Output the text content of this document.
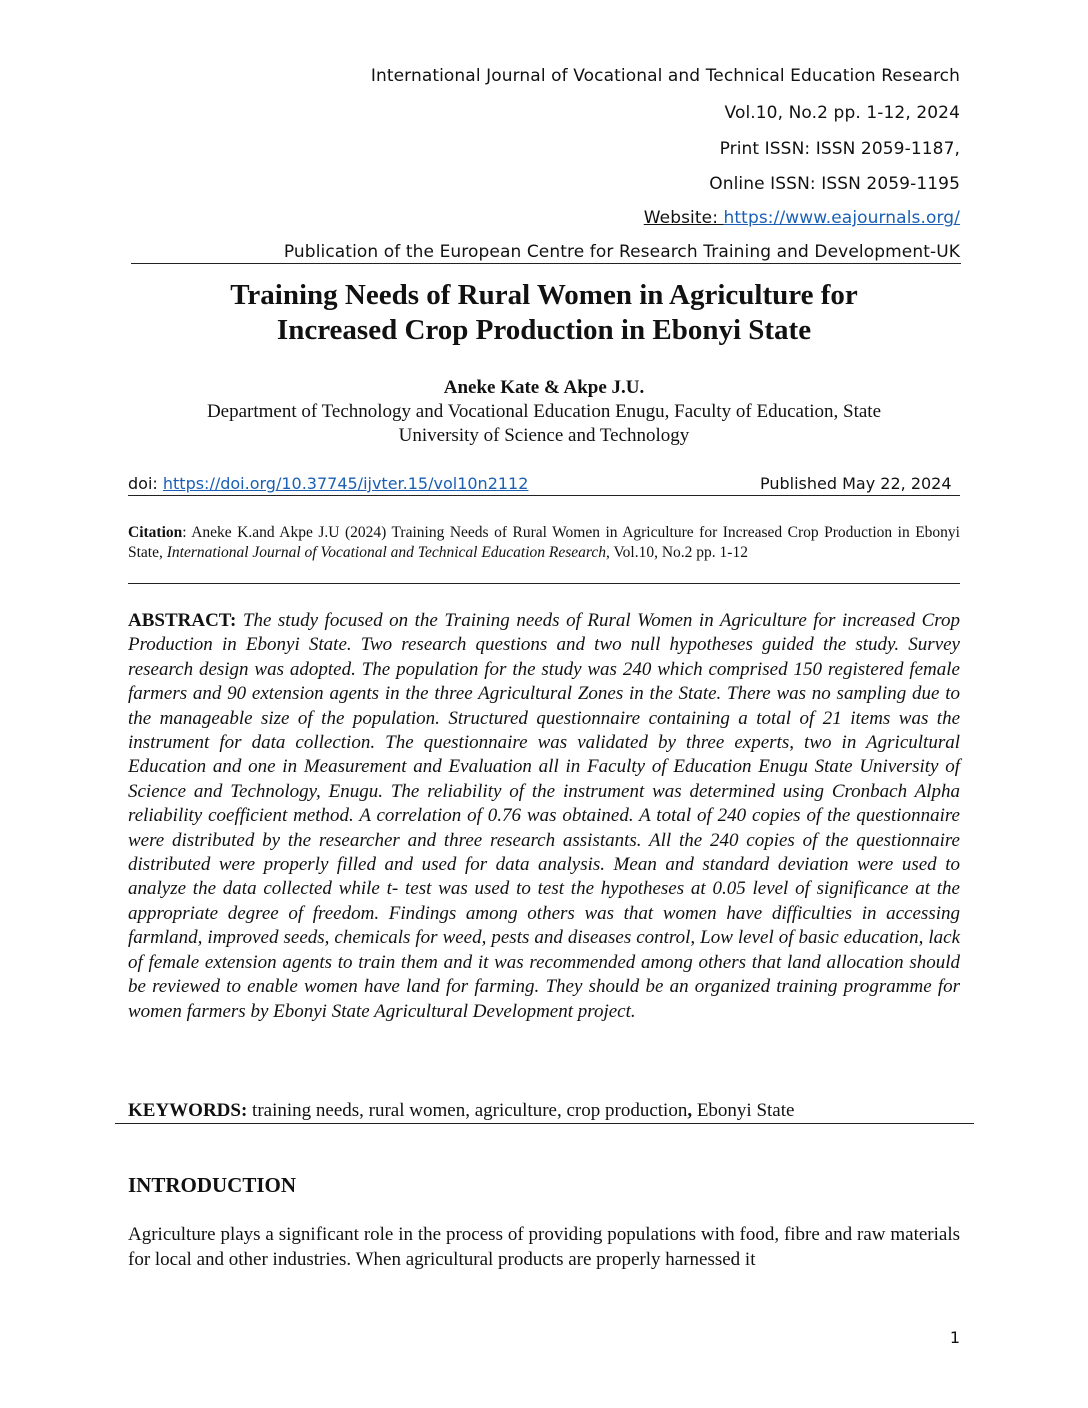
International Journal of Vocational and Technical Education Research
Vol.10, No.2 pp. 1-12, 2024
Print ISSN: ISSN 2059-1187,
Online ISSN: ISSN 2059-1195
Website: https://www.eajournals.org/
Publication of the European Centre for Research Training and Development-UK
Training Needs of Rural Women in Agriculture for
Increased Crop Production in Ebonyi State
Aneke Kate & Akpe J.U.
Department of Technology and Vocational Education Enugu, Faculty of Education, State
University of Science and Technology
doi: https://doi.org/10.37745/ijvter.15/vol10n2112	Published May 22, 2024
Citation: Aneke K.and Akpe J.U (2024) Training Needs of Rural Women in Agriculture for Increased Crop Production in Ebonyi State, International Journal of Vocational and Technical Education Research, Vol.10, No.2 pp. 1-12
ABSTRACT: The study focused on the Training needs of Rural Women in Agriculture for increased Crop Production in Ebonyi State. Two research questions and two null hypotheses guided the study. Survey research design was adopted. The population for the study was 240 which comprised 150 registered female farmers and 90 extension agents in the three Agricultural Zones in the State. There was no sampling due to the manageable size of the population. Structured questionnaire containing a total of 21 items was the instrument for data collection. The questionnaire was validated by three experts, two in Agricultural Education and one in Measurement and Evaluation all in Faculty of Education Enugu State University of Science and Technology, Enugu. The reliability of the instrument was determined using Cronbach Alpha reliability coefficient method. A correlation of 0.76 was obtained. A total of 240 copies of the questionnaire were distributed by the researcher and three research assistants. All the 240 copies of the questionnaire distributed were properly filled and used for data analysis. Mean and standard deviation were used to analyze the data collected while t- test was used to test the hypotheses at 0.05 level of significance at the appropriate degree of freedom. Findings among others was that women have difficulties in accessing farmland, improved seeds, chemicals for weed, pests and diseases control, Low level of basic education, lack of female extension agents to train them and it was recommended among others that land allocation should be reviewed to enable women have land for farming. They should be an organized training programme for women farmers by Ebonyi State Agricultural Development project.
KEYWORDS: training needs, rural women, agriculture, crop production, Ebonyi State
INTRODUCTION
Agriculture plays a significant role in the process of providing populations with food, fibre and raw materials for local and other industries. When agricultural products are properly harnessed it
1
